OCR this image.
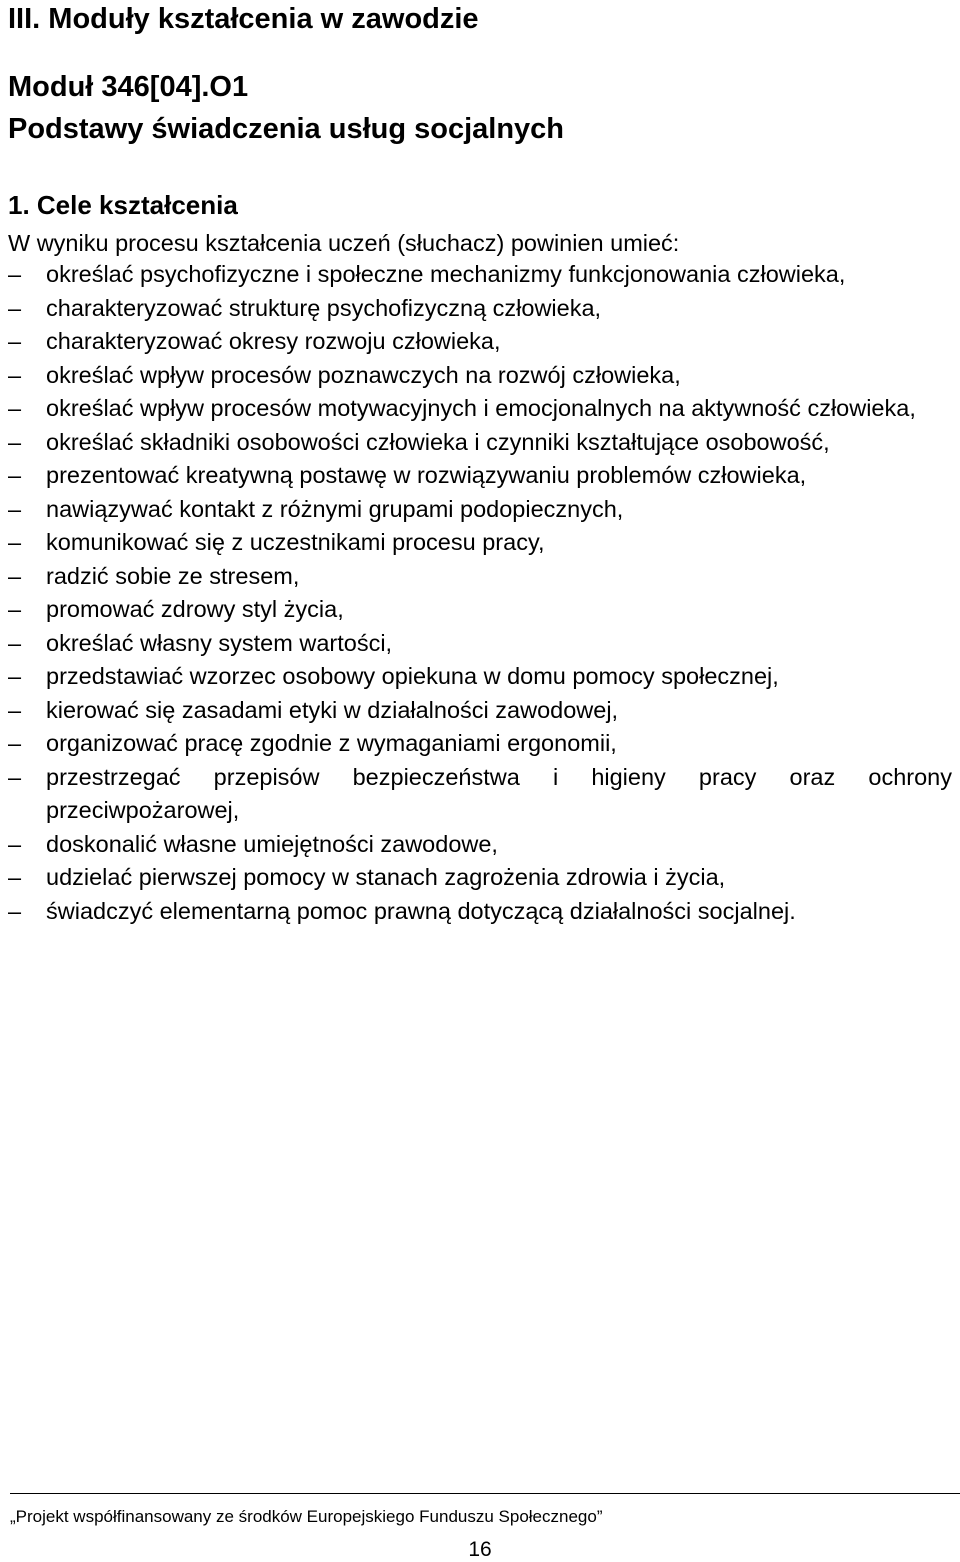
III. Moduły kształcenia w zawodzie
Moduł 346[04].O1
Podstawy świadczenia usług socjalnych
1. Cele kształcenia
W wyniku procesu kształcenia uczeń (słuchacz) powinien umieć:
–	określać psychofizyczne i społeczne mechanizmy funkcjonowania człowieka,
–	charakteryzować strukturę psychofizyczną człowieka,
–	charakteryzować okresy rozwoju człowieka,
–	określać wpływ procesów poznawczych na rozwój człowieka,
–	określać wpływ procesów motywacyjnych i emocjonalnych na aktywność człowieka,
–	określać składniki osobowości człowieka i czynniki kształtujące osobowość,
–	prezentować kreatywną postawę w rozwiązywaniu problemów człowieka,
–	nawiązywać kontakt z różnymi grupami podopiecznych,
–	komunikować się z uczestnikami procesu pracy,
–	radzić sobie ze stresem,
–	promować zdrowy styl życia,
–	określać własny system wartości,
–	przedstawiać wzorzec osobowy opiekuna w domu pomocy społecznej,
–	kierować się zasadami etyki w działalności zawodowej,
–	organizować pracę zgodnie z wymaganiami ergonomii,
–	przestrzegać przepisów bezpieczeństwa i higieny pracy oraz ochrony przeciwpożarowej,
–	doskonalić własne umiejętności zawodowe,
–	udzielać pierwszej pomocy w stanach zagrożenia zdrowia i życia,
–	świadczyć elementarną pomoc prawną dotyczącą działalności socjalnej.
„Projekt współfinansowany ze środków Europejskiego Funduszu Społecznego”
16
